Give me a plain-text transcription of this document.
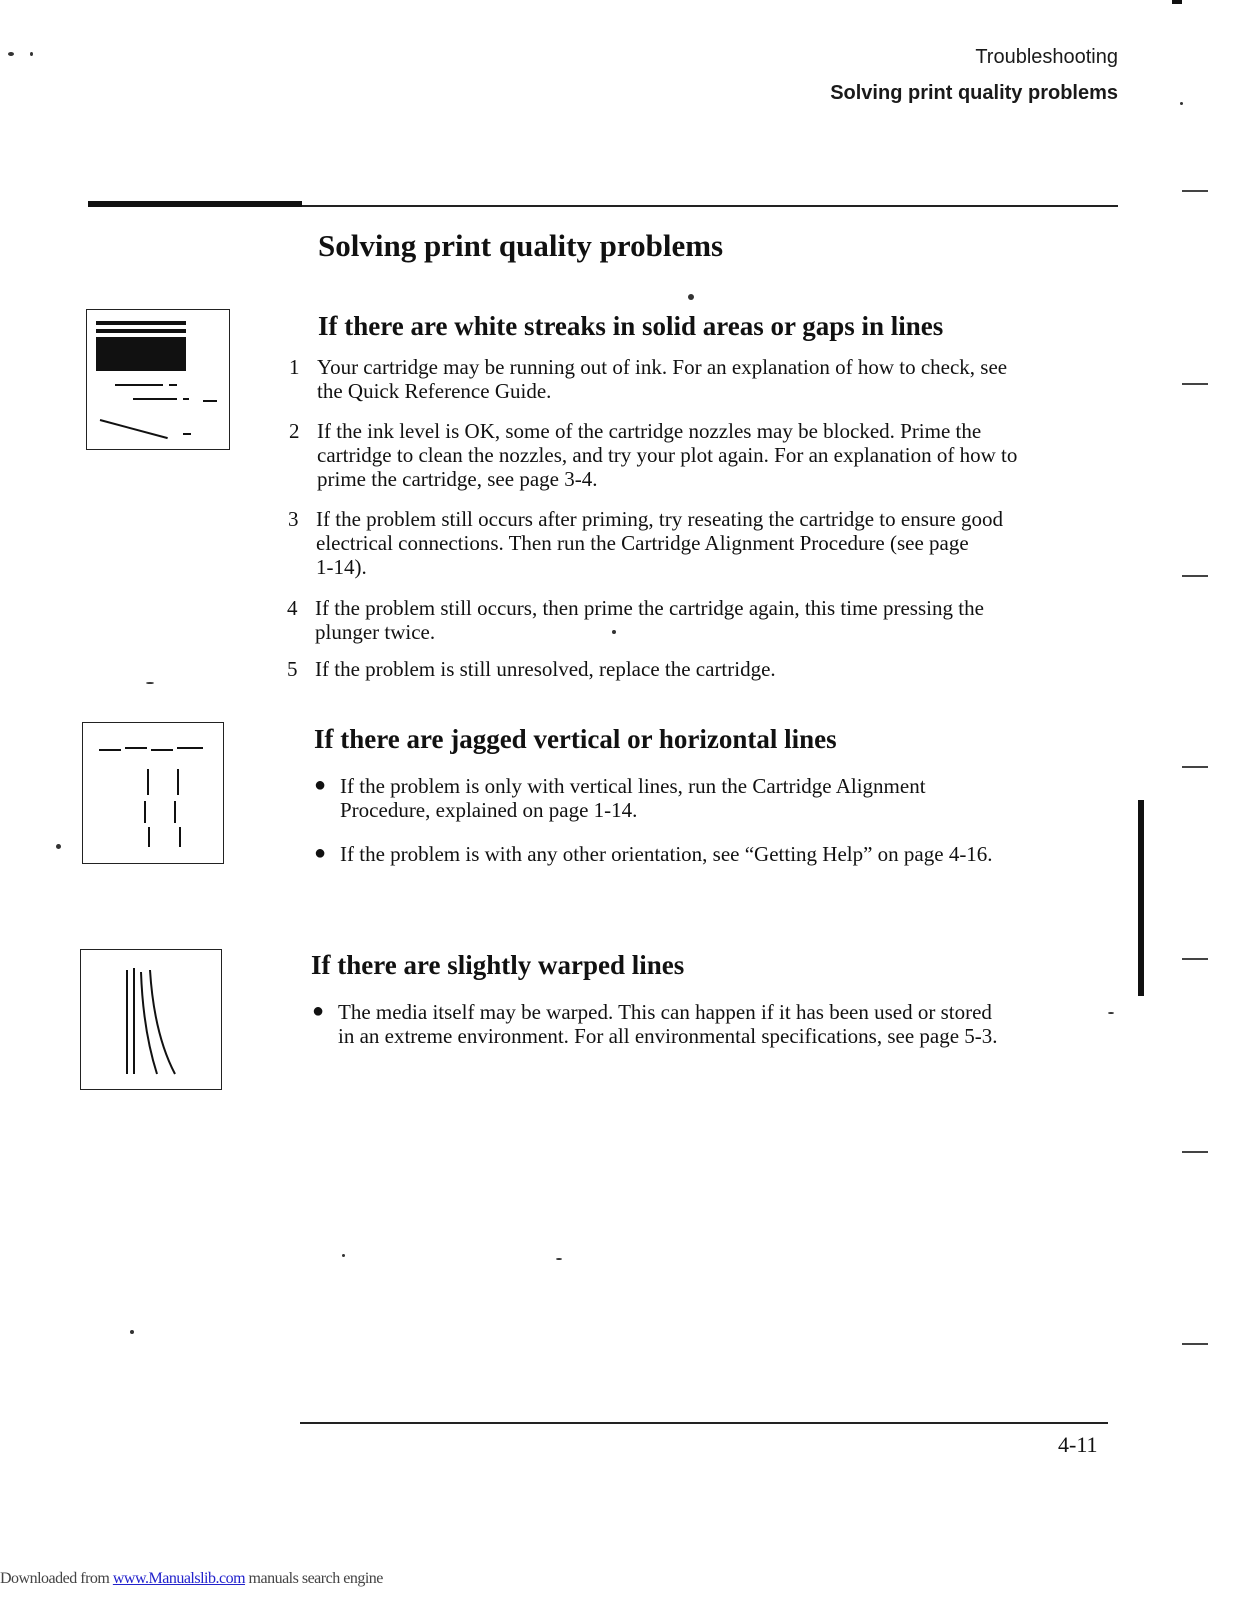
Troubleshooting
Solving print quality problems
Solving print quality problems
If there are white streaks in solid areas or gaps in lines
1 Your cartridge may be running out of ink. For an explanation of how to check, see
the Quick Reference Guide.
2 If the ink level is OK, some of the cartridge nozzles may be blocked. Prime the
cartridge to clean the nozzles, and try your plot again. For an explanation of how to
prime the cartridge, see page 3-4.
3 If the problem still occurs after priming, try reseating the cartridge to ensure good
electrical connections. Then run the Cartridge Alignment Procedure (see page
1-14).
4 If the problem still occurs, then prime the cartridge again, this time pressing the
plunger twice.
5 If the problem is still unresolved, replace the cartridge.
If there are jagged vertical or horizontal lines
● If the problem is only with vertical lines, run the Cartridge Alignment
Procedure, explained on page 1-14.
● If the problem is with any other orientation, see “Getting Help” on page 4-16.
If there are slightly warped lines
● The media itself may be warped. This can happen if it has been used or stored
in an extreme environment. For all environmental specifications, see page 5-3.
4-11
Downloaded from www.Manualslib.com manuals search engine
